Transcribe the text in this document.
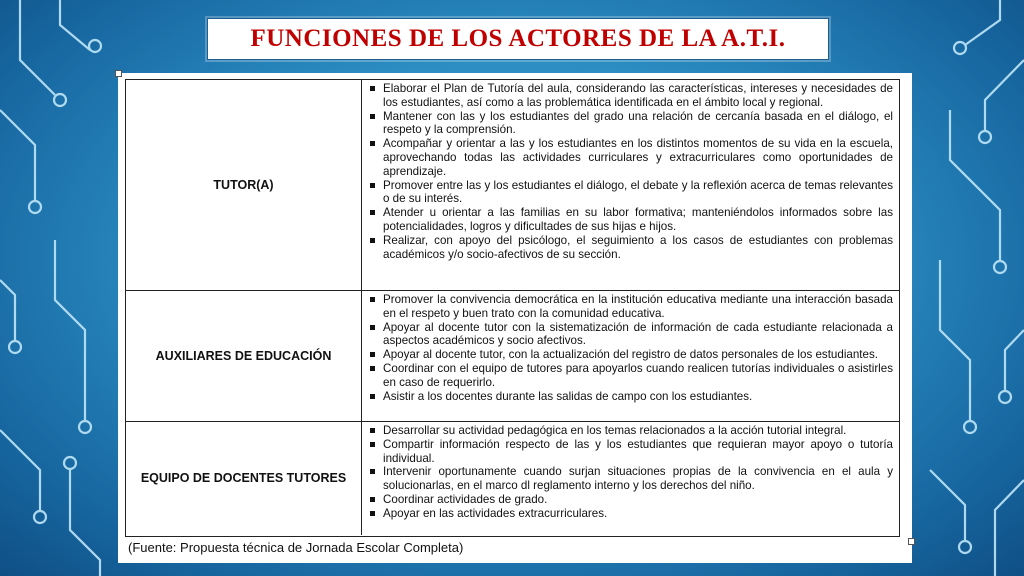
FUNCIONES DE LOS ACTORES DE LA A.T.I.
TUTOR(A)
Elaborar el Plan de Tutoría del aula, considerando las características, intereses y necesidades de los estudiantes, así como a las problemática identificada en el ámbito local y regional.
Mantener con las y los estudiantes del grado una relación de cercanía basada en el diálogo, el respeto y la comprensión.
Acompañar y orientar a las y los estudiantes en los distintos momentos de su vida en la escuela, aprovechando todas las actividades curriculares y extracurriculares como oportunidades de aprendizaje.
Promover entre las y los estudiantes el diálogo, el debate y la reflexión acerca de temas relevantes o de su interés.
Atender u orientar a las familias en su labor formativa; manteniéndolos informados sobre las potencialidades, logros y dificultades de sus hijas e hijos.
Realizar, con apoyo del psicólogo, el seguimiento a los casos de estudiantes con problemas académicos y/o socio-afectivos de su sección.
AUXILIARES DE EDUCACIÓN
Promover la convivencia democrática en la institución educativa mediante una interacción basada en el respeto y buen trato con la comunidad educativa.
Apoyar al docente tutor con la sistematización de información de cada estudiante relacionada a aspectos académicos y socio afectivos.
Apoyar al docente tutor, con la actualización del registro de datos personales de los estudiantes.
Coordinar con el equipo de tutores para apoyarlos cuando realicen tutorías individuales o asistirles en caso de requerirlo.
Asistir a los docentes durante las salidas de campo con los estudiantes.
EQUIPO DE DOCENTES TUTORES
Desarrollar su actividad pedagógica en los temas relacionados a la acción tutorial integral.
Compartir información respecto de las y los estudiantes que requieran mayor apoyo o tutoría individual.
Intervenir oportunamente cuando surjan situaciones propias de la convivencia en el aula y solucionarlas, en el marco dl reglamento interno y los derechos del niño.
Coordinar actividades de grado.
Apoyar en las actividades extracurriculares.
(Fuente: Propuesta técnica de Jornada Escolar Completa)
